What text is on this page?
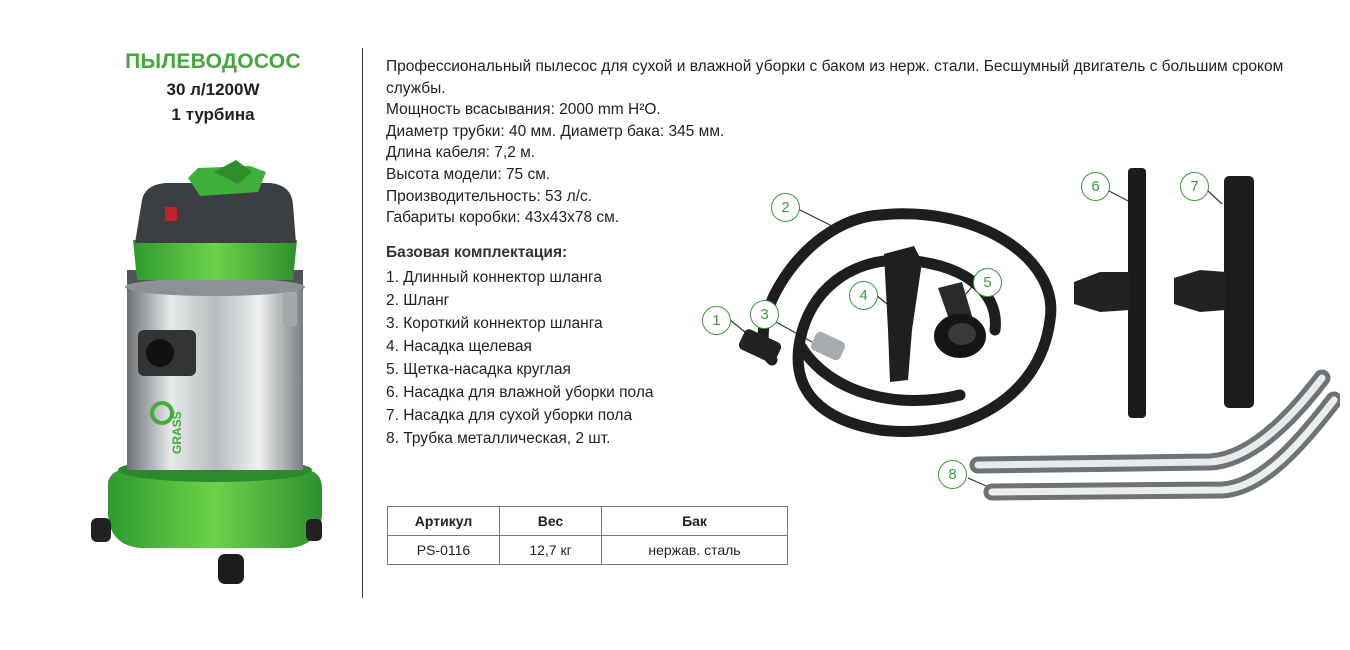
ПЫЛЕВОДОСОС
30 л/1200W
1 турбина
GRASS

Профессиональный пылесос для сухой и влажной уборки с баком из нерж. стали. Бесшумный двигатель с большим сроком службы.

Мощность всасывания: 2000 mm H²O.

Диаметр трубки: 40 мм. Диаметр бака: 345 мм.

Длина кабеля: 7,2 м.

Высота модели: 75 см.

Производительность: 53 л/с.

Габариты коробки: 43х43х78 см.

Базовая комплектация:
1. Длинный коннектор шланга
2. Шланг
3. Короткий коннектор шланга
4. Насадка щелевая
5. Щетка-насадка круглая
6. Насадка для влажной уборки пола
7. Насадка для сухой уборки пола
8. Трубка металлическая, 2 шт.
Артикул	Вес	Бак
PS-0116	12,7 кг	нержав. сталь
1
2
3
4
5
6	7
8
